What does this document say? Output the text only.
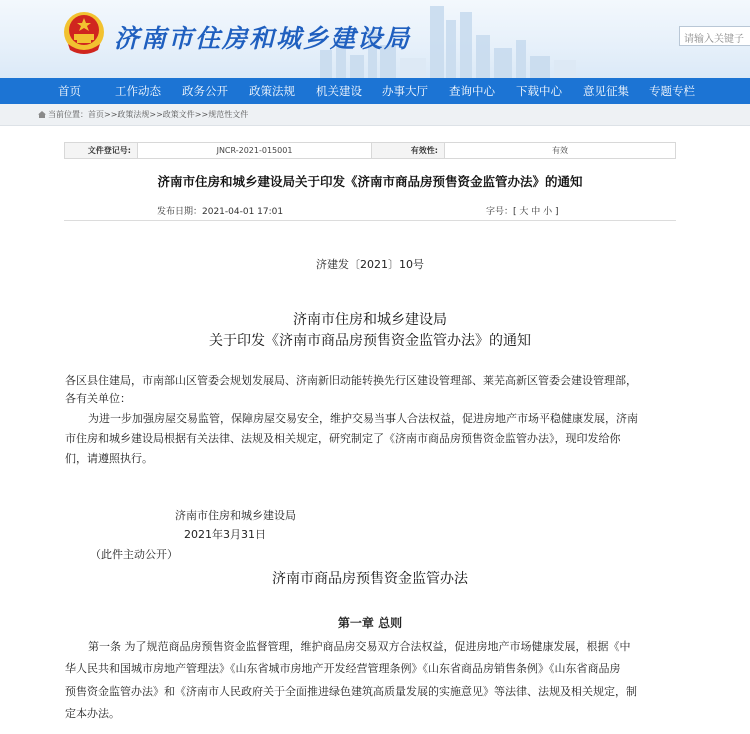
济南市住房和城乡建设局	请输入关键子
首页	工作动态 政务公开 政策法规 机关建设 办事大厅 查询中心 下载中心 意见征集 专题专栏
当前位置：首页>>政策法规>>政策文件>>规范性文件
文件登记号:	JNCR-2021-015001	有效性:	有效
济南市住房和城乡建设局关于印发《济南市商品房预售资金监管办法》的通知
发布日期：2021-04-01 17:01	字号：[ 大 中 小 ]
济建发〔2021〕10号
济南市住房和城乡建设局
关于印发《济南市商品房预售资金监管办法》的通知
各区县住建局，市南部山区管委会规划发展局、济南新旧动能转换先行区建设管理部、莱芜高新区管委会建设管理部，
各有关单位：
为进一步加强房屋交易监管，保障房屋交易安全，维护交易当事人合法权益，促进房地产市场平稳健康发展，济南
市住房和城乡建设局根据有关法律、法规及相关规定，研究制定了《济南市商品房预售资金监管办法》，现印发给你
们，请遵照执行。
济南市住房和城乡建设局
2021年3月31日
（此件主动公开）
济南市商品房预售资金监管办法
第一章 总则
第一条 为了规范商品房预售资金监督管理，维护商品房交易双方合法权益，促进房地产市场健康发展，根据《中
华人民共和国城市房地产管理法》《山东省城市房地产开发经营管理条例》《山东省商品房销售条例》《山东省商品房
预售资金监管办法》和《济南市人民政府关于全面推进绿色建筑高质量发展的实施意见》等法律、法规及相关规定，制
定本办法。
